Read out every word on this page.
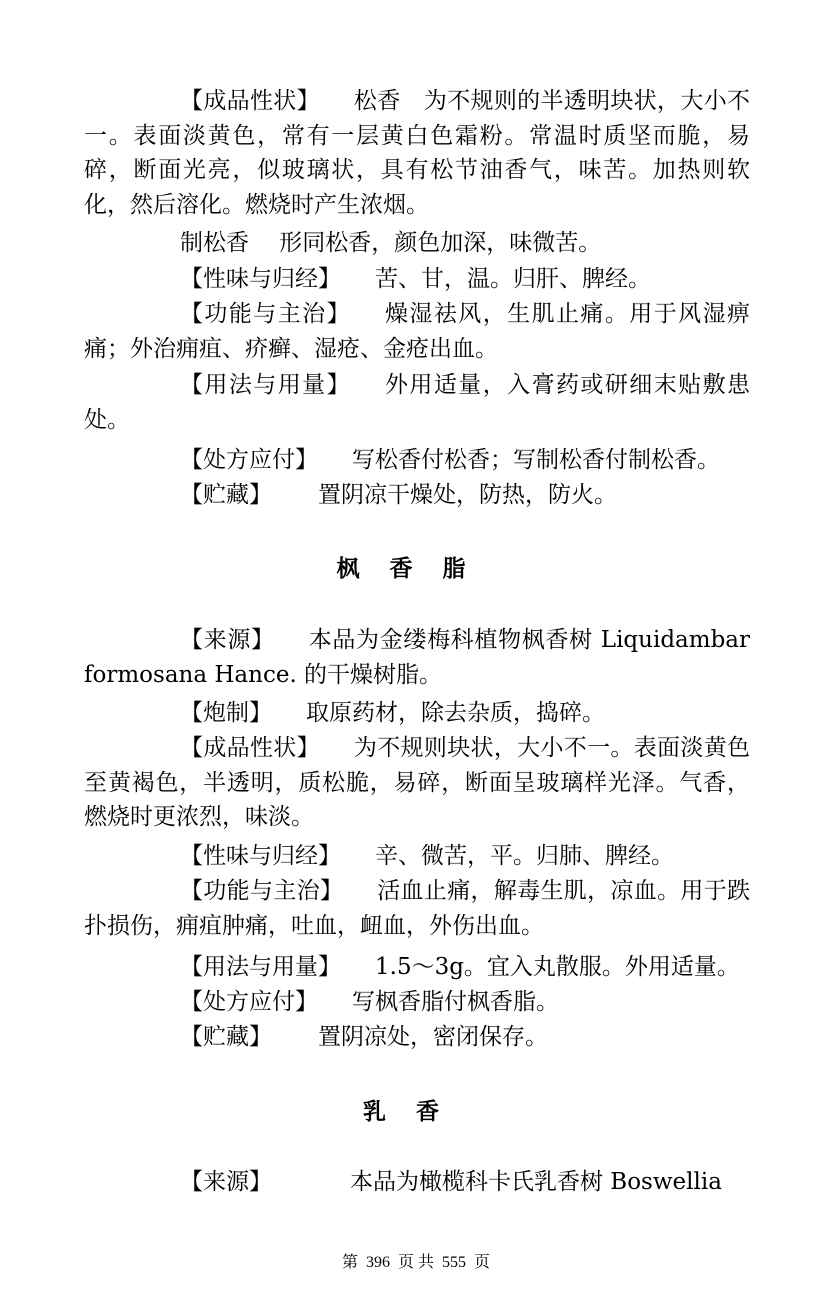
【成品性状】 松香　为不规则的半透明块状，大小不一。表面淡黄色，常有一层黄白色霜粉。常温时质坚而脆，易碎，断面光亮，似玻璃状，具有松节油香气，味苦。加热则软化，然后溶化。燃烧时产生浓烟。

制松香　 形同松香，颜色加深，味微苦。

【性味与归经】 苦、甘，温。归肝、脾经。

【功能与主治】 燥湿祛风，生肌止痛。用于风湿痹痛；外治痈疽、疥癣、湿疮、金疮出血。

【用法与用量】 外用适量，入膏药或研细末贴敷患处。

【处方应付】 写松香付松香；写制松香付制松香。

【贮藏】 置阴凉干燥处，防热，防火。

枫香脂

【来源】 本品为金缕梅科植物枫香树 Liquidambar formosana Hance. 的干燥树脂。

【炮制】 取原药材，除去杂质，捣碎。

【成品性状】 为不规则块状，大小不一。表面淡黄色至黄褐色，半透明，质松脆，易碎，断面呈玻璃样光泽。气香，燃烧时更浓烈，味淡。

【性味与归经】 辛、微苦，平。归肺、脾经。

【功能与主治】 活血止痛，解毒生肌，凉血。用于跌扑损伤，痈疽肿痛，吐血，衄血，外伤出血。

【用法与用量】 1.5～3g。宜入丸散服。外用适量。

【处方应付】 写枫香脂付枫香脂。

【贮藏】 置阴凉处，密闭保存。

乳香

【来源】	本品为橄榄科卡氏乳香树 Boswellia

第 396 页 共 555 页
